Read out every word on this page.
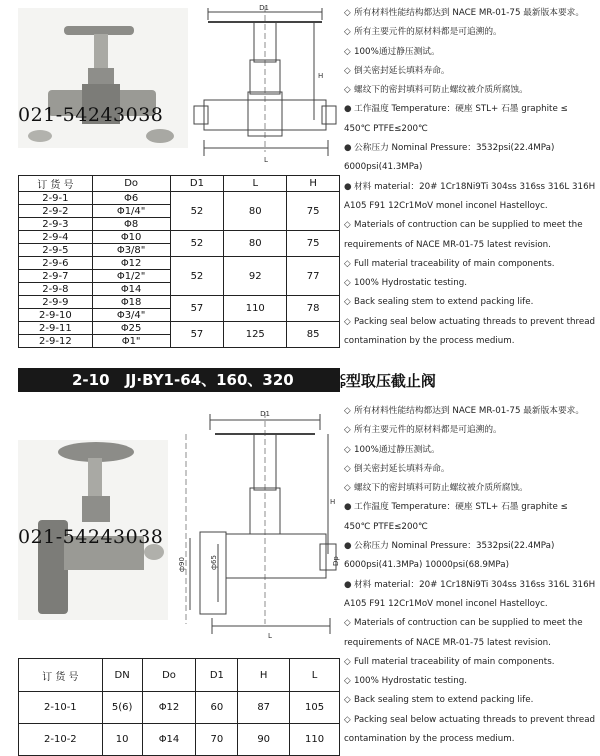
021-54243038
D1
H
L
订 货 号	Do	D1	L	H
2-9-1	Φ6	52	80	75
2-9-2	Φ1/4"			
2-9-3	Φ8			
2-9-4	Φ10	52	80	75
2-9-5	Φ3/8"			
2-9-6	Φ12	52	92	77
2-9-7	Φ1/2"			
2-9-8	Φ14			
2-9-9	Φ18	57	110	78
2-9-10	Φ3/4"			
2-9-11	Φ25	57	125	85
2-9-12	Φ1"			

◇ 所有材料性能结构都达到 NACE MR-01-75 最新版本要求。

◇ 所有主要元件的原材料都是可追溯的。

◇ 100%通过静压测试。

◇ 倒关密封延长填料寿命。

◇ 螺纹下的密封填料可防止螺纹被介质所腐蚀。

● 工作温度 Temperature：硬座 STL+ 石墨 graphite ≤ 450℃ PTFE≤200℃

● 公称压力 Nominal Pressure：3532psi(22.4MPa) 6000psi(41.3MPa)

● 材料 material：20# 1Cr18Ni9Ti 304ss 316ss 316L 316H A105 F91 12Cr1MoV monel inconel Hastelloyc.

◇ Materials of contruction can be supplied to meet the requirements of NACE MR-01-75 latest revision.

◇ Full material traceability of main components.

◇ 100% Hydrostatic testing.

◇ Back sealing stem to extend packing life.

◇ Packing seal below actuating threads to prevent thread contamination by the process medium.

2-10 JJ·BY1-64、160、320	C
P 型取压截止阀
021-54243038
D1
H
L
ф90	ф65	Dp
订 货 号	DN	Do	D1	H	L
2-10-1	5(6)	Φ12	60	87	105
2-10-2	10	Φ14	70	90	110

◇ 所有材料性能结构都达到 NACE MR-01-75 最新版本要求。

◇ 所有主要元件的原材料都是可追溯的。

◇ 100%通过静压测试。

◇ 倒关密封延长填料寿命。

◇ 螺纹下的密封填料可防止螺纹被介质所腐蚀。

● 工作温度 Temperature：硬座 STL+ 石墨 graphite ≤ 450℃ PTFE≤200℃

● 公称压力 Nominal Pressure：3532psi(22.4MPa) 6000psi(41.3MPa) 10000psi(68.9MPa)

● 材料 material：20# 1Cr18Ni9Ti 304ss 316ss 316L 316H A105 F91 12Cr1MoV monel inconel Hastelloyc.

◇ Materials of contruction can be supplied to meet the requirements of NACE MR-01-75 latest revision.

◇ Full material traceability of main components.

◇ 100% Hydrostatic testing.

◇ Back sealing stem to extend packing life.

◇ Packing seal below actuating threads to prevent thread contamination by the process medium.
